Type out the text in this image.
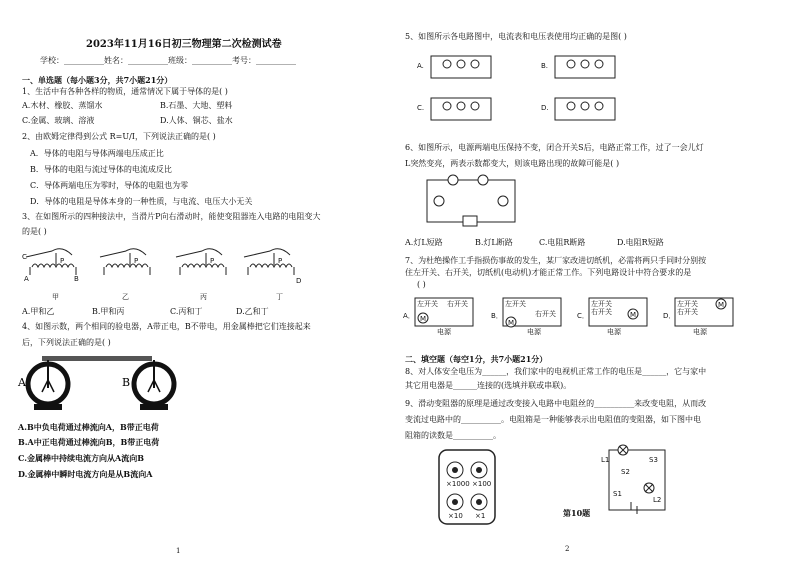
2023年11月16日初三物理第二次检测试卷
学校：__________姓名：__________班级：__________考号：__________
一、单选题（每小题3分，共7小题21分）
1、生活中有各种各样的物质，通常情况下属于导体的是( )
A.木材、橡胶、蒸馏水	B.石墨、大地、塑料
C.金属、玻璃、溶液	D.人体、铜芯、盐水
2、由欧姆定律得到公式 R=U/I，下列说法正确的是( )
A．导体的电阻与导体两端电压成正比
B．导体的电阻与流过导体的电流成反比
C．导体两端电压为零时，导体的电阻也为零
D．导体的电阻是导体本身的一种性质，与电流、电压大小无关
3、在如图所示的四种接法中，当滑片P向右滑动时，能使变阻器连入电路的电阻变大
的是( )
C	P
A	B
P	P	P
D
甲	乙	丙	丁
A.甲和乙	B.甲和丙	C.丙和丁	D.乙和丁
4、如图示数，两个相同的验电器，A带正电，B不带电，用金属棒把它们连接起来
后，下列说法正确的是( )
A	B
A.B中负电荷通过棒流向A，B带正电荷
B.A中正电荷通过棒流向B，B带正电荷
C.金属棒中持续电流方向从A流向B
D.金属棒中瞬时电流方向是从B流向A
1
5、如图所示各电路图中，电流表和电压表使用均正确的是图( )
A.	B.
C.	D.
6、如图所示，电源两端电压保持不变，闭合开关S后，电路正常工作，过了一会儿灯
L突然变亮，两表示数都变大，则该电路出现的故障可能是( )
A.灯L短路	B.灯L断路	C.电阻R断路	D.电阻R短路
7、为杜绝操作工手指损伤事故的发生，某厂家改进切纸机，必需将两只手同时分别按
住左开关、右开关，切纸机(电动机)才能正常工作。下列电路设计中符合要求的是
( )
左开关 右开关
M
电源
A．
左开关
右开关
M
电源
B．
左开关
右开关	M
电源
C．
左开关
右开关
M
电源
D．
二、填空题（每空1分，共7小题21分）
8、对人体安全电压为______，我们家中的电视机正常工作的电压是______，它与家中
其它用电器是______连接的(选填并联或串联)。
9、滑动变阻器的原理是通过改变接入电路中电阻丝的__________来改变电阻，从而改
变流过电路中的__________。电阻箱是一种能够表示出电阻值的变阻器，如下图中电
阻箱的读数是__________。
×1000 ×100
×10 ×1	第10题
L1
L2
S2
S3
S1
2
